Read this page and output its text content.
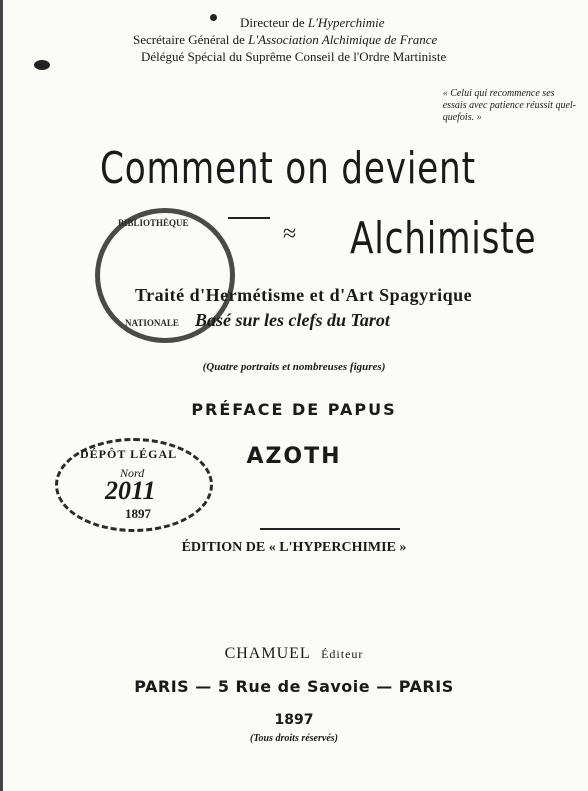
Directeur de L'Hyperchimie
Secrétaire Général de L'Association Alchimique de France
Délégué Spécial du Suprême Conseil de l'Ordre Martiniste
« Celui qui recommence ses
essais avec patience réussit quel-
quefois. »
Comment on devient
≈ Alchimiste
BIBLIOTHÈQUE
NATIONALE
Traité d'Hermétisme et d'Art Spagyrique
Basé sur les clefs du Tarot
(Quatre portraits et nombreuses figures)
PRÉFACE DE PAPUS
AZOTH
DÉPÔT LÉGAL
Nord
2011
1897
ÉDITION DE « L'HYPERCHIMIE »
CHAMUEL Éditeur
PARIS — 5 Rue de Savoie — PARIS
1897
(Tous droits réservés)
